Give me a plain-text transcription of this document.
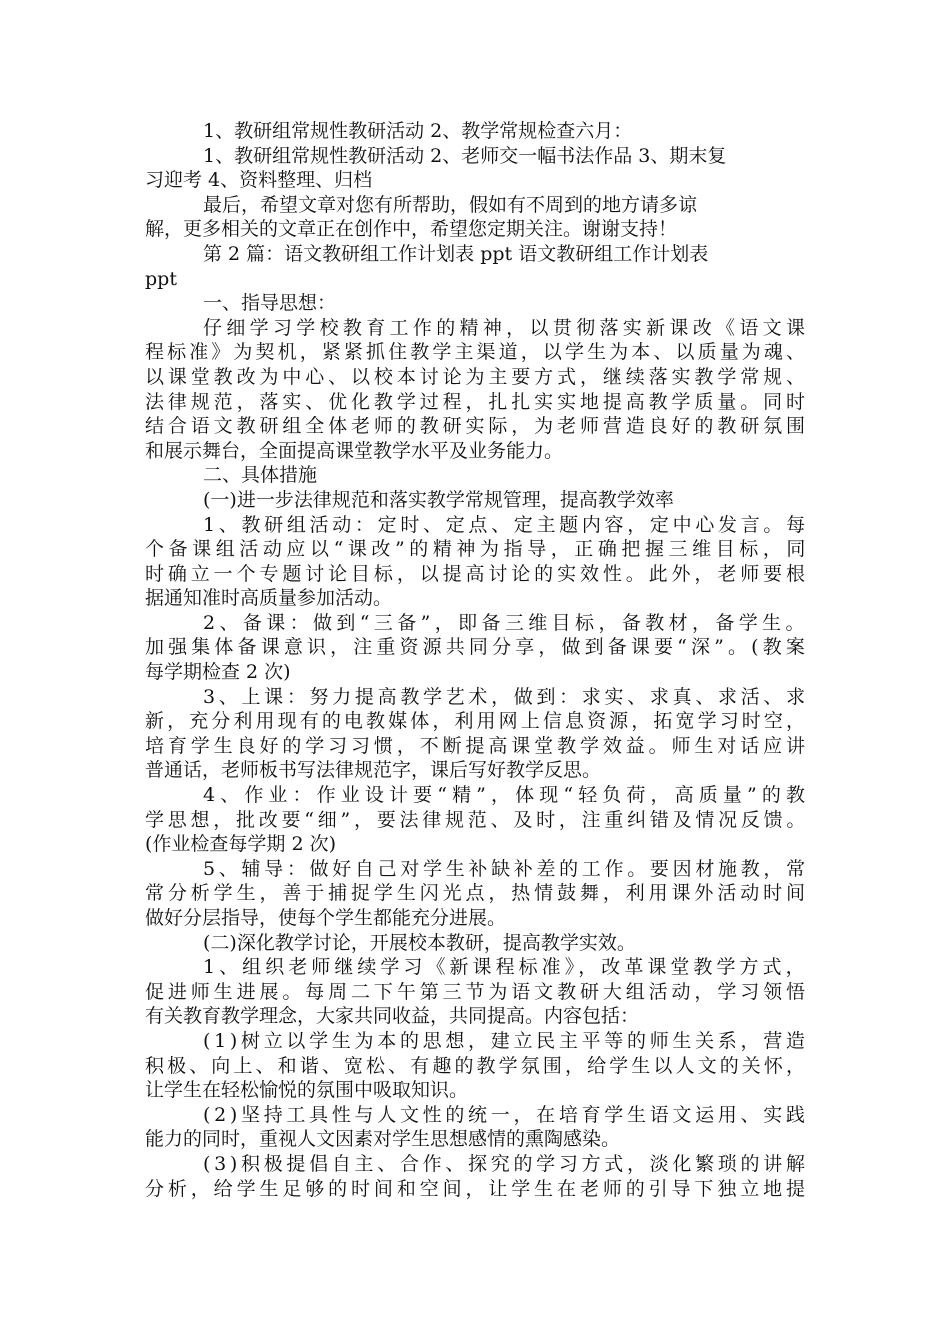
1、教研组常规性教研活动 2、教学常规检查六月：
1、教研组常规性教研活动 2、老师交一幅书法作品 3、期末复
习迎考 4、资料整理、归档
最后，希望文章对您有所帮助，假如有不周到的地方请多谅
解，更多相关的文章正在创作中，希望您定期关注。谢谢支持！
第 2 篇：语文教研组工作计划表 ppt 语文教研组工作计划表
ppt
一、指导思想：
仔细学习学校教育工作的精神，以贯彻落实新课改《语文课
程标准》为契机，紧紧抓住教学主渠道，以学生为本、以质量为魂、
以课堂教改为中心、以校本讨论为主要方式，继续落实教学常规、
法律规范，落实、优化教学过程，扎扎实实地提高教学质量。同时
结合语文教研组全体老师的教研实际，为老师营造良好的教研氛围
和展示舞台，全面提高课堂教学水平及业务能力。
二、具体措施
(一)进一步法律规范和落实教学常规管理，提高教学效率
1、教研组活动：定时、定点、定主题内容，定中心发言。每
个备课组活动应以“课改”的精神为指导，正确把握三维目标，同
时确立一个专题讨论目标，以提高讨论的实效性。此外，老师要根
据通知准时高质量参加活动。
2、备课：做到“三备”，即备三维目标，备教材，备学生。
加强集体备课意识，注重资源共同分享，做到备课要“深”。(教案
每学期检查 2 次)
3、上课：努力提高教学艺术，做到：求实、求真、求活、求
新，充分利用现有的电教媒体，利用网上信息资源，拓宽学习时空，
培育学生良好的学习习惯，不断提高课堂教学效益。师生对话应讲
普通话，老师板书写法律规范字，课后写好教学反思。
4、作业：作业设计要“精”，体现“轻负荷，高质量”的教
学思想，批改要“细”，要法律规范、及时，注重纠错及情况反馈。
(作业检查每学期 2 次)
5、辅导：做好自己对学生补缺补差的工作。要因材施教，常
常分析学生，善于捕捉学生闪光点，热情鼓舞，利用课外活动时间
做好分层指导，使每个学生都能充分进展。
(二)深化教学讨论，开展校本教研，提高教学实效。
1、组织老师继续学习《新课程标准》，改革课堂教学方式，
促进师生进展。每周二下午第三节为语文教研大组活动，学习领悟
有关教育教学理念，大家共同收益，共同提高。内容包括：
(1)树立以学生为本的思想，建立民主平等的师生关系，营造
积极、向上、和谐、宽松、有趣的教学氛围，给学生以人文的关怀，
让学生在轻松愉悦的氛围中吸取知识。
(2)坚持工具性与人文性的统一，在培育学生语文运用、实践
能力的同时，重视人文因素对学生思想感情的熏陶感染。
(3)积极提倡自主、合作、探究的学习方式，淡化繁琐的讲解
分析，给学生足够的时间和空间，让学生在老师的引导下独立地提
